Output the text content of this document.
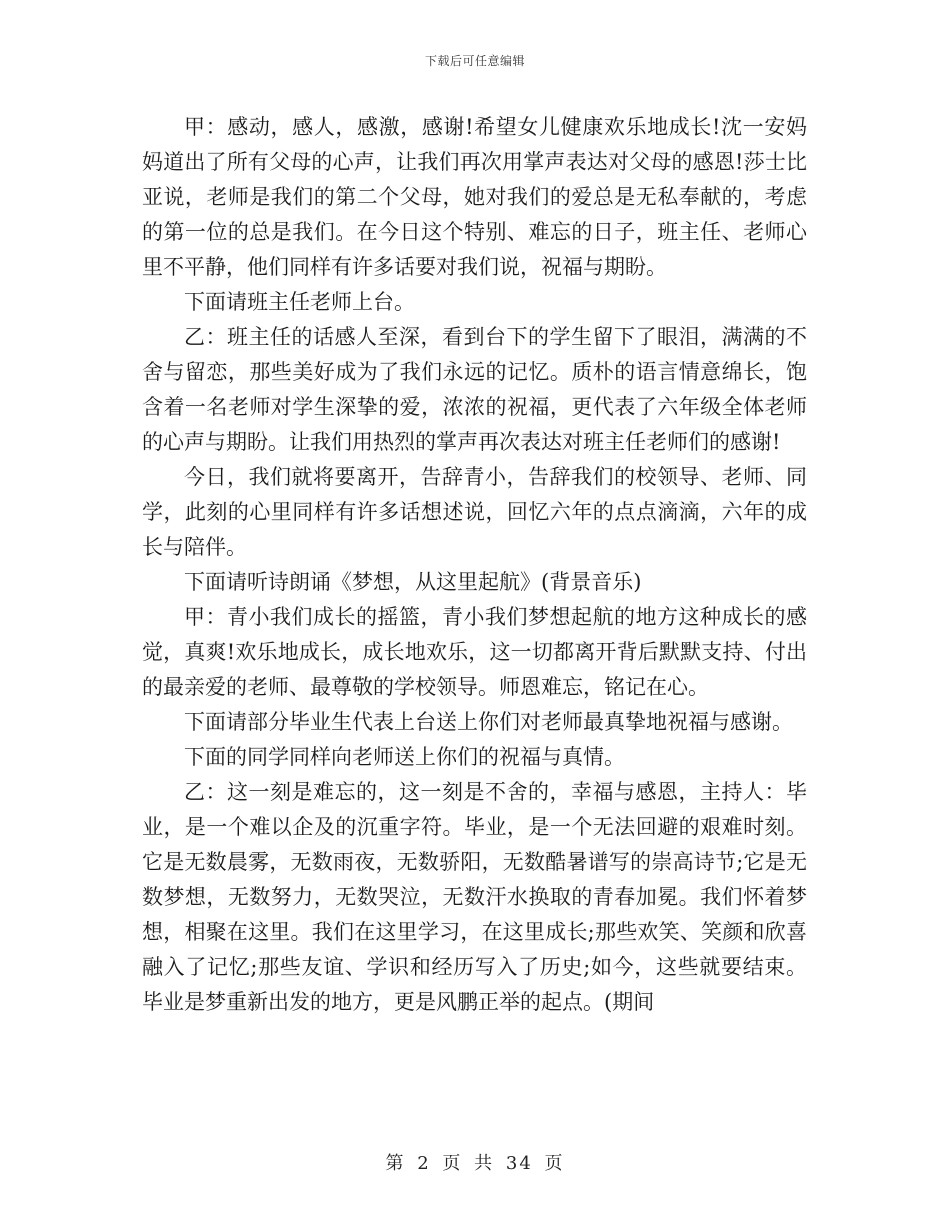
下载后可任意编辑

甲：感动，感人，感激，感谢!希望女儿健康欢乐地成长!沈一安妈妈道出了所有父母的心声，让我们再次用掌声表达对父母的感恩!莎士比亚说，老师是我们的第二个父母，她对我们的爱总是无私奉献的，考虑的第一位的总是我们。在今日这个特别、难忘的日子，班主任、老师心里不平静，他们同样有许多话要对我们说，祝福与期盼。

下面请班主任老师上台。

乙：班主任的话感人至深，看到台下的学生留下了眼泪，满满的不舍与留恋，那些美好成为了我们永远的记忆。质朴的语言情意绵长，饱含着一名老师对学生深挚的爱，浓浓的祝福，更代表了六年级全体老师的心声与期盼。让我们用热烈的掌声再次表达对班主任老师们的感谢!

今日，我们就将要离开，告辞青小，告辞我们的校领导、老师、同学，此刻的心里同样有许多话想述说，回忆六年的点点滴滴，六年的成长与陪伴。

下面请听诗朗诵《梦想，从这里起航》(背景音乐)

甲：青小我们成长的摇篮，青小我们梦想起航的地方这种成长的感觉，真爽!欢乐地成长，成长地欢乐，这一切都离开背后默默支持、付出的最亲爱的老师、最尊敬的学校领导。师恩难忘，铭记在心。

下面请部分毕业生代表上台送上你们对老师最真挚地祝福与感谢。

下面的同学同样向老师送上你们的祝福与真情。

乙：这一刻是难忘的，这一刻是不舍的，幸福与感恩，主持人：毕业，是一个难以企及的沉重字符。毕业，是一个无法回避的艰难时刻。它是无数晨雾，无数雨夜，无数骄阳，无数酷暑谱写的崇高诗节;它是无数梦想，无数努力，无数哭泣，无数汗水换取的青春加冕。我们怀着梦想，相聚在这里。我们在这里学习，在这里成长;那些欢笑、笑颜和欣喜融入了记忆;那些友谊、学识和经历写入了历史;如今，这些就要结束。毕业是梦重新出发的地方，更是风鹏正举的起点。(期间

第 2 页 共 34 页
